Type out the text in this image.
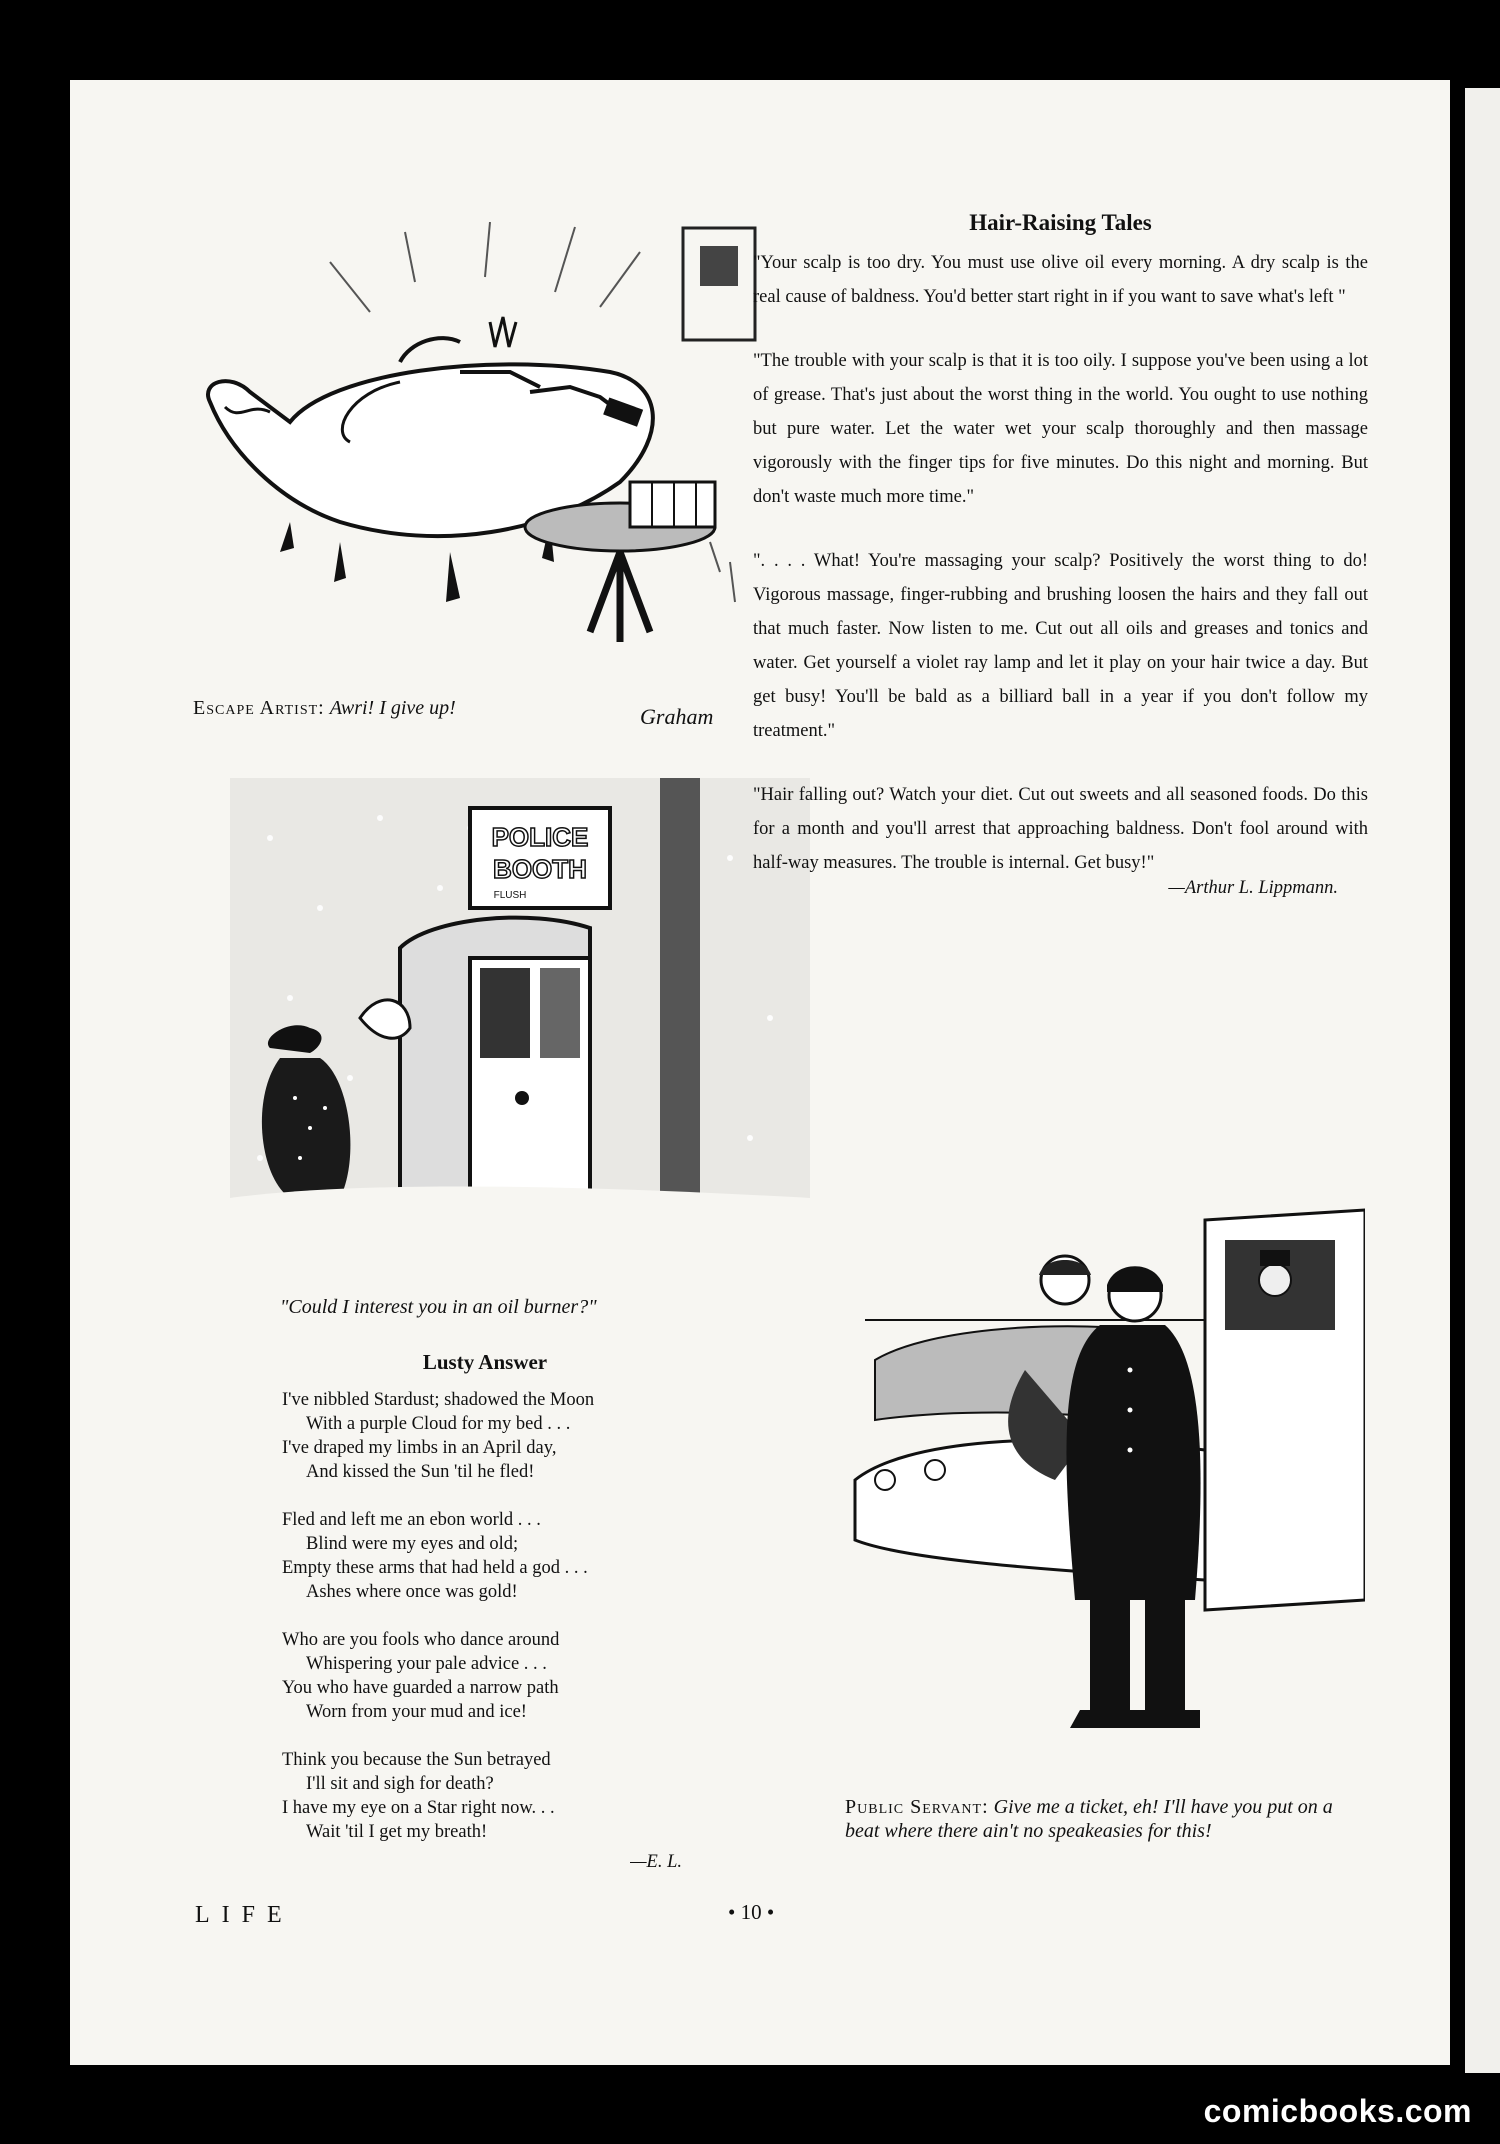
Escape Artist: Awri! I give up!	Graham
POLICE
BOOTH
FLUSH
"Could I interest you in an oil burner?"
Public Servant: Give me a ticket, eh! I'll have you put on a beat where there ain't no speakeasies for this!
Hair-Raising Tales

"Your scalp is too dry. You must use olive oil every morning. A dry scalp is the real cause of baldness. You'd better start right in if you want to save what's left "

"The trouble with your scalp is that it is too oily. I suppose you've been using a lot of grease. That's just about the worst thing in the world. You ought to use nothing but pure water. Let the water wet your scalp thoroughly and then massage vigorously with the finger tips for five minutes. Do this night and morning. But don't waste much more time."

". . . . What! You're massaging your scalp? Positively the worst thing to do! Vigorous massage, finger-rubbing and brushing loosen the hairs and they fall out that much faster. Now listen to me. Cut out all oils and greases and tonics and water. Get yourself a violet ray lamp and let it play on your hair twice a day. But get busy! You'll be bald as a billiard ball in a year if you don't follow my treatment."

"Hair falling out? Watch your diet. Cut out sweets and all seasoned foods. Do this for a month and you'll arrest that approaching baldness. Don't fool around with half-way measures. The trouble is internal. Get busy!"

—Arthur L. Lippmann.
Lusty Answer
I've nibbled Stardust; shadowed the Moon
With a purple Cloud for my bed . . .
I've draped my limbs in an April day,
And kissed the Sun 'til he fled!
Fled and left me an ebon world . . .
Blind were my eyes and old;
Empty these arms that had held a god . . .
Ashes where once was gold!
Who are you fools who dance around
Whispering your pale advice . . .
You who have guarded a narrow path
Worn from your mud and ice!
Think you because the Sun betrayed
I'll sit and sigh for death?
I have my eye on a Star right now. . .
Wait 'til I get my breath!
—E. L.
LIFE	• 10 •
comicbooks.com
